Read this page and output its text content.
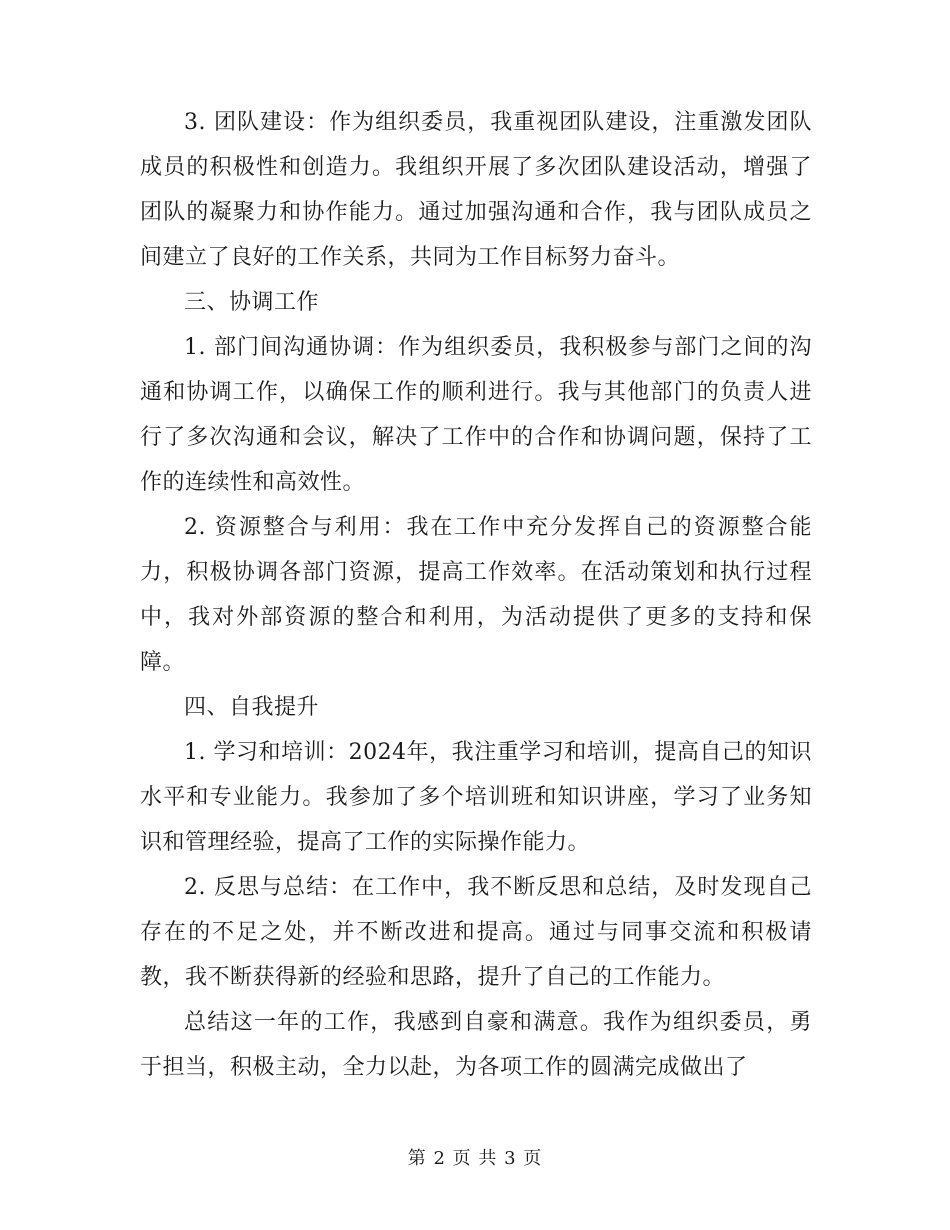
3. 团队建设：作为组织委员，我重视团队建设，注重激发团队成员的积极性和创造力。我组织开展了多次团队建设活动，增强了团队的凝聚力和协作能力。通过加强沟通和合作，我与团队成员之间建立了良好的工作关系，共同为工作目标努力奋斗。

三、协调工作

1. 部门间沟通协调：作为组织委员，我积极参与部门之间的沟通和协调工作，以确保工作的顺利进行。我与其他部门的负责人进行了多次沟通和会议，解决了工作中的合作和协调问题，保持了工作的连续性和高效性。

2. 资源整合与利用：我在工作中充分发挥自己的资源整合能力，积极协调各部门资源，提高工作效率。在活动策划和执行过程中，我对外部资源的整合和利用，为活动提供了更多的支持和保障。

四、自我提升

1. 学习和培训：2024年，我注重学习和培训，提高自己的知识水平和专业能力。我参加了多个培训班和知识讲座，学习了业务知识和管理经验，提高了工作的实际操作能力。

2. 反思与总结：在工作中，我不断反思和总结，及时发现自己存在的不足之处，并不断改进和提高。通过与同事交流和积极请教，我不断获得新的经验和思路，提升了自己的工作能力。

总结这一年的工作，我感到自豪和满意。我作为组织委员，勇于担当，积极主动，全力以赴，为各项工作的圆满完成做出了

第 2 页 共 3 页
